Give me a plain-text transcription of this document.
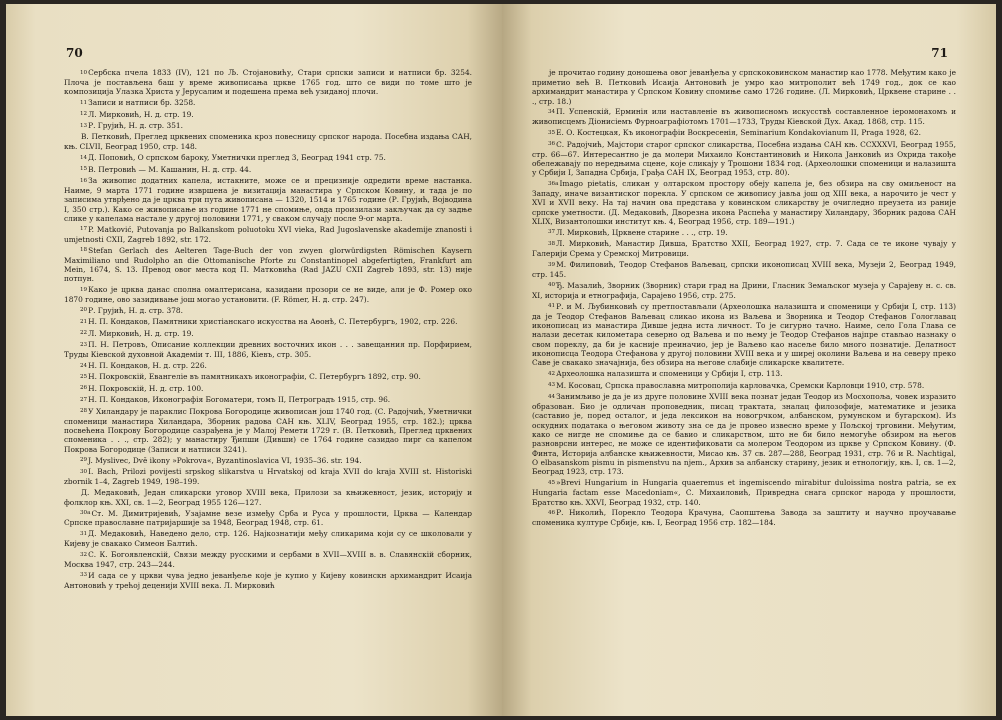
70

$^{10}$Сербска пчела 1833 (IV), 121 по Љ. Стојановићу, Стари српски записи и натписи бр. 3254. Плоча је постављена баш у време живописања цркве 1765 год. што се види по томе што је композиција Улазка Христа у Јерусалим и подешена према већ узиданој плочи.

$^{11}$Записи и натписи бр. 3258.

$^{12}$Л. Мирковић, Н. д. стр. 19.

$^{13}$Р. Грујић, Н. д. стр. 351.

В. Петковић, Преглед црквених споменика кроз повесницу српског народа. Посебна издања САН, књ. CLVII, Београд 1950, стр. 148.

$^{14}$Д. Поповић, О српском барокy, Уметнички преглед 3, Београд 1941 стр. 75.

$^{15}$В. Петровић — М. Кашанин, Н. д. стр. 44.

$^{16}$За живопис додатних капела, истакните, може се и прецизније одредити време настанка. Наиме, 9 марта 1771 године извршена је визитација манастира у Српском Ковину, и тада је по записима утврђено да је црква три пута живописана — 1320, 1514 и 1765 године (Р. Грујић, Војводина I, 350 стр.). Како се живописање из године 1771 не спомиње, овда произилази закључак да су задње слике у капелама настале у другој половини 1771, у сваком случају после 9-ог марта.

$^{17}$P. Matković, Putovanja po Balkanskom poluotoku XVI vieka, Rad Jugoslavenske akademije znanosti i umjetnosti CXII, Zagreb 1892, str. 172.

$^{18}$Stefan Gerlach des Aelteren Tage-Buch der von zwyen glorwürdigsten Römischen Kaysern Maximiliano und Rudolpho an die Ottomanische Pforte zu Constantinopel abgefertigten, Frankfurt am Mein, 1674, S. 13. Превод овог места код П. Матковића (Rad JAZU CXII Zagreb 1893, str. 13) није потпун.

$^{19}$Како је црква данас сполна омалтерисана, казидани прозори се не виде, али је Ф. Ромер око 1870 године, ово зазидивање још могао установити. (F. Römer, Н. д. стр. 247).

$^{20}$Р. Грујић, Н. д. стр. 378.

$^{21}$Н. П. Кондаков, Памятники христіанскаго искусства на Аөонѣ, С. Петербургъ, 1902, стр. 226.

$^{22}$Л. Мирковић, Н. д. стр. 19.

$^{23}$П. Н. Петровъ, Описание коллекции древних восточних икон . . . завещанния пр. Порфирием, Труды Кіевской духовной Академіи т. III, 1886, Кіевъ, стр. 305.

$^{24}$Н. П. Кондаков, Н. д. стр. 226.

$^{25}$Н. Покровскій, Евангеліе въ памятникахъ иконографіи, С. Петербургъ 1892, стр. 90.

$^{26}$Н. Покровскій, Н. д. стр. 100.

$^{27}$Н. П. Кондаков, Иконографія Богоматери, томъ II, Петроградъ 1915, стр. 96.

$^{28}$У Хиландару је параклис Покрова Богородице живописан још 1740 год. (С. Радојчић, Уметнички споменици манастира Хиландара, Зборник радова САН књ. XLIV, Београд 1955, стр. 182.); црква посвећена Покрову Богородице сазрађена је у Малој Ремети 1729 г. (В. Петковић, Преглед црквених споменика . . ., стр. 282); у манастиру Ђипши (Дивши) се 1764 године сазидао пирг са капелом Покрова Богородице (Записи и натписи 3241).

$^{29}$J. Myslivec, Dvě ikony »Pokrova«, Byzantinoslavica VI, 1935–36. str. 194.

$^{30}$I. Bach, Prilozi povijesti srpskog slikarstva u Hrvatskoj od kraja XVII do kraja XVIII st. Historiski zbornik 1–4, Zagreb 1949, 198–199.

Д. Медаковић, Један сликарски уговор XVIII века, Прилози за књижевност, језик, историју и фолклор књ. XXI, св. 1—2, Београд 1955 126—127.

$^{30а}$Ст. М. Димитријевић, Узајамне везе између Срба и Руса у прошлости, Црква — Календар Српске православне патријаршије за 1948, Београд 1948, стр. 61.

$^{31}$Д. Медаковић, Наведено дело, стр. 126. Најкознатији међу сликарима који су се школовали у Кијеву је свакако Симеон Балтић.

$^{32}$С. К. Богоявленскій, Связи между русскими и сербами в XVII—XVIII в. в. Славянскій сборник, Москва 1947, стр. 243—244.

$^{33}$И сада се у цркви чува једно јеванђеље које је купио у Кијеву ковинскн архимандрит Исаија Антоновић у трећој деценији XVIII века. Л. Мирковић

71

је прочитао годину доношења овог јеванђеља у српскоковинском манастир као 1778. Међутим како је приметио већ В. Петковић Исаија Антоновић је умро као митрополит већ 1749 год., док се као архимандрит манастира у Српском Ковину спомиње само 1726 године. (Л. Мирковић, Црквене старине . . ., стр. 18.)

$^{34}$П. Успенскій, Ерминія или наставленіе въ живописномъ искусствѣ составленное іеромонахомъ и живописцемъ Діонисіемъ Фурноаграфіотомъ 1701—1733, Труды Кіевской Дух. Акад. 1868, стр. 115.

$^{35}$Е. О. Костецкая, Къ иконографіи Воскресенія, Seminarium Kondakovianum II, Praga 1928, 62.

$^{36}$С. Радојчић, Мајстори старог српског сликарства, Посебна издања САН књ. CCXXXVI, Београд 1955, стр. 66—67. Интересантно је да молери Михаило Константиновић и Никола Јанковић из Охрида такође обележавају по нередњима сцене, које сликају у Трошони 1834 год. (Археолошки споменици и налазишта у Србији I, Западна Србија, Грађа САН IX, Београд 1953, стр. 80).

$^{36а}$Imago pietatis, сликан у олтарском простору обеју капела је, без обзира на сву омиљеност на Западу, иначе византиског порекла. У српском се живопису јавља још од XIII века, а нарочито је чест у XVI и XVII веку. На тај начин ова представа у ковинском сликарству је очигледно преузета из раније српске уметности. (Д. Медаковић, Дворезна икона Распећа у манастиру Хиландару, Зборник радова САН XLIX, Византолошки институт књ. 4, Београд 1956, стр. 189—191.)

$^{37}$Л. Мирковић, Црквене старине . . ., стр. 19.

$^{38}$Л. Мирковић, Манастир Дивша, Братство XXII, Београд 1927, стр. 7. Сада се те иконе чувају у Галерији Срема у Сремској Митровици.

$^{39}$М. Филиповић, Теодор Стефанов Ваљевац, српски иконописац XVIII века, Музеји 2, Београд 1949, стр. 145.

$^{40}$Ђ. Мазалић, Зворник (Зворник) стари град на Дрини, Гласник Земаљског музеја у Сарајеву н. с. св. XI, историја и етнографија, Сарајево 1956, стр. 275.

$^{41}$Р. и М. Љубинковић су претпостављали (Археолошка налазишта и споменици у Србији I, стр. 113) да је Теодор Стефанов Ваљевац сликао икона из Ваљева и Зворника и Теодор Стефанов Гологлавац иконописац из манастира Дивше једна иста личност. То је сигурно тачно. Наиме, село Гола Глава се налази десетак километара северно од Ваљева и по њему је Теодор Стефанов најпре стављао назнаку о свом пореклу, да би је касније преиначио, јер је Ваљево као насеље било много познатије. Делатност иконописца Теодора Стефанова у другој половини XVIII века и у ширеј околини Ваљева и на северу преко Саве је свакако значајнија, без обзира на његове слабије сликарске квалитете.

$^{42}$Археолошка налазишта и споменици у Србији I, стр. 113.

$^{43}$М. Косовац, Српска православна митрополија карловачка, Сремски Карловци 1910, стр. 578.

$^{44}$Занимљиво је да је из друге половине XVIII века познат један Теодор из Мосхопоља, човек изразито образован. Био је одличан проповедник, писац трактата, зналац филозофије, математике и језика (саставио је, поред осталог, и једа лексикон на новогрчком, албанском, румунском и бугарском). Из оскудних података о његовом животу зна се да је провео извесно време у Пољској трговини. Међутим, како се нигде не спомиње да се бавио и сликарством, што не би било немогуће обзиром на његов разноврсни интерес, не може се идентификовати са молером Теодором из цркве у Српском Ковину. (Ф. Финта, Историја албанске књижевности, Мисао књ. 37 св. 287—288, Београд 1931, стр. 76 и R. Nachtigal, O elbasanskom pismu in pismenstvu na njem., Архив за албанску старину, језик и етнологију, књ. I, св. 1—2, Београд 1923, стр. 173.

$^{45}$»Brevi Hungarium in Hungaria quaeremus et ingemiscendo mirabitur duloissima nostra patria, se ex Hungaria factam esse Macedoniam«, С. Михаиловић, Привредна снага српског народа у прошлости, Братство књ. XXVI, Београд 1932, стр. 140.

$^{46}$Р. Николић, Порекло Теодора Крачуна, Саопштења Завода за заштиту и научно проучавање споменика културе Србије, књ. I, Београд 1956 стр. 182—184.
